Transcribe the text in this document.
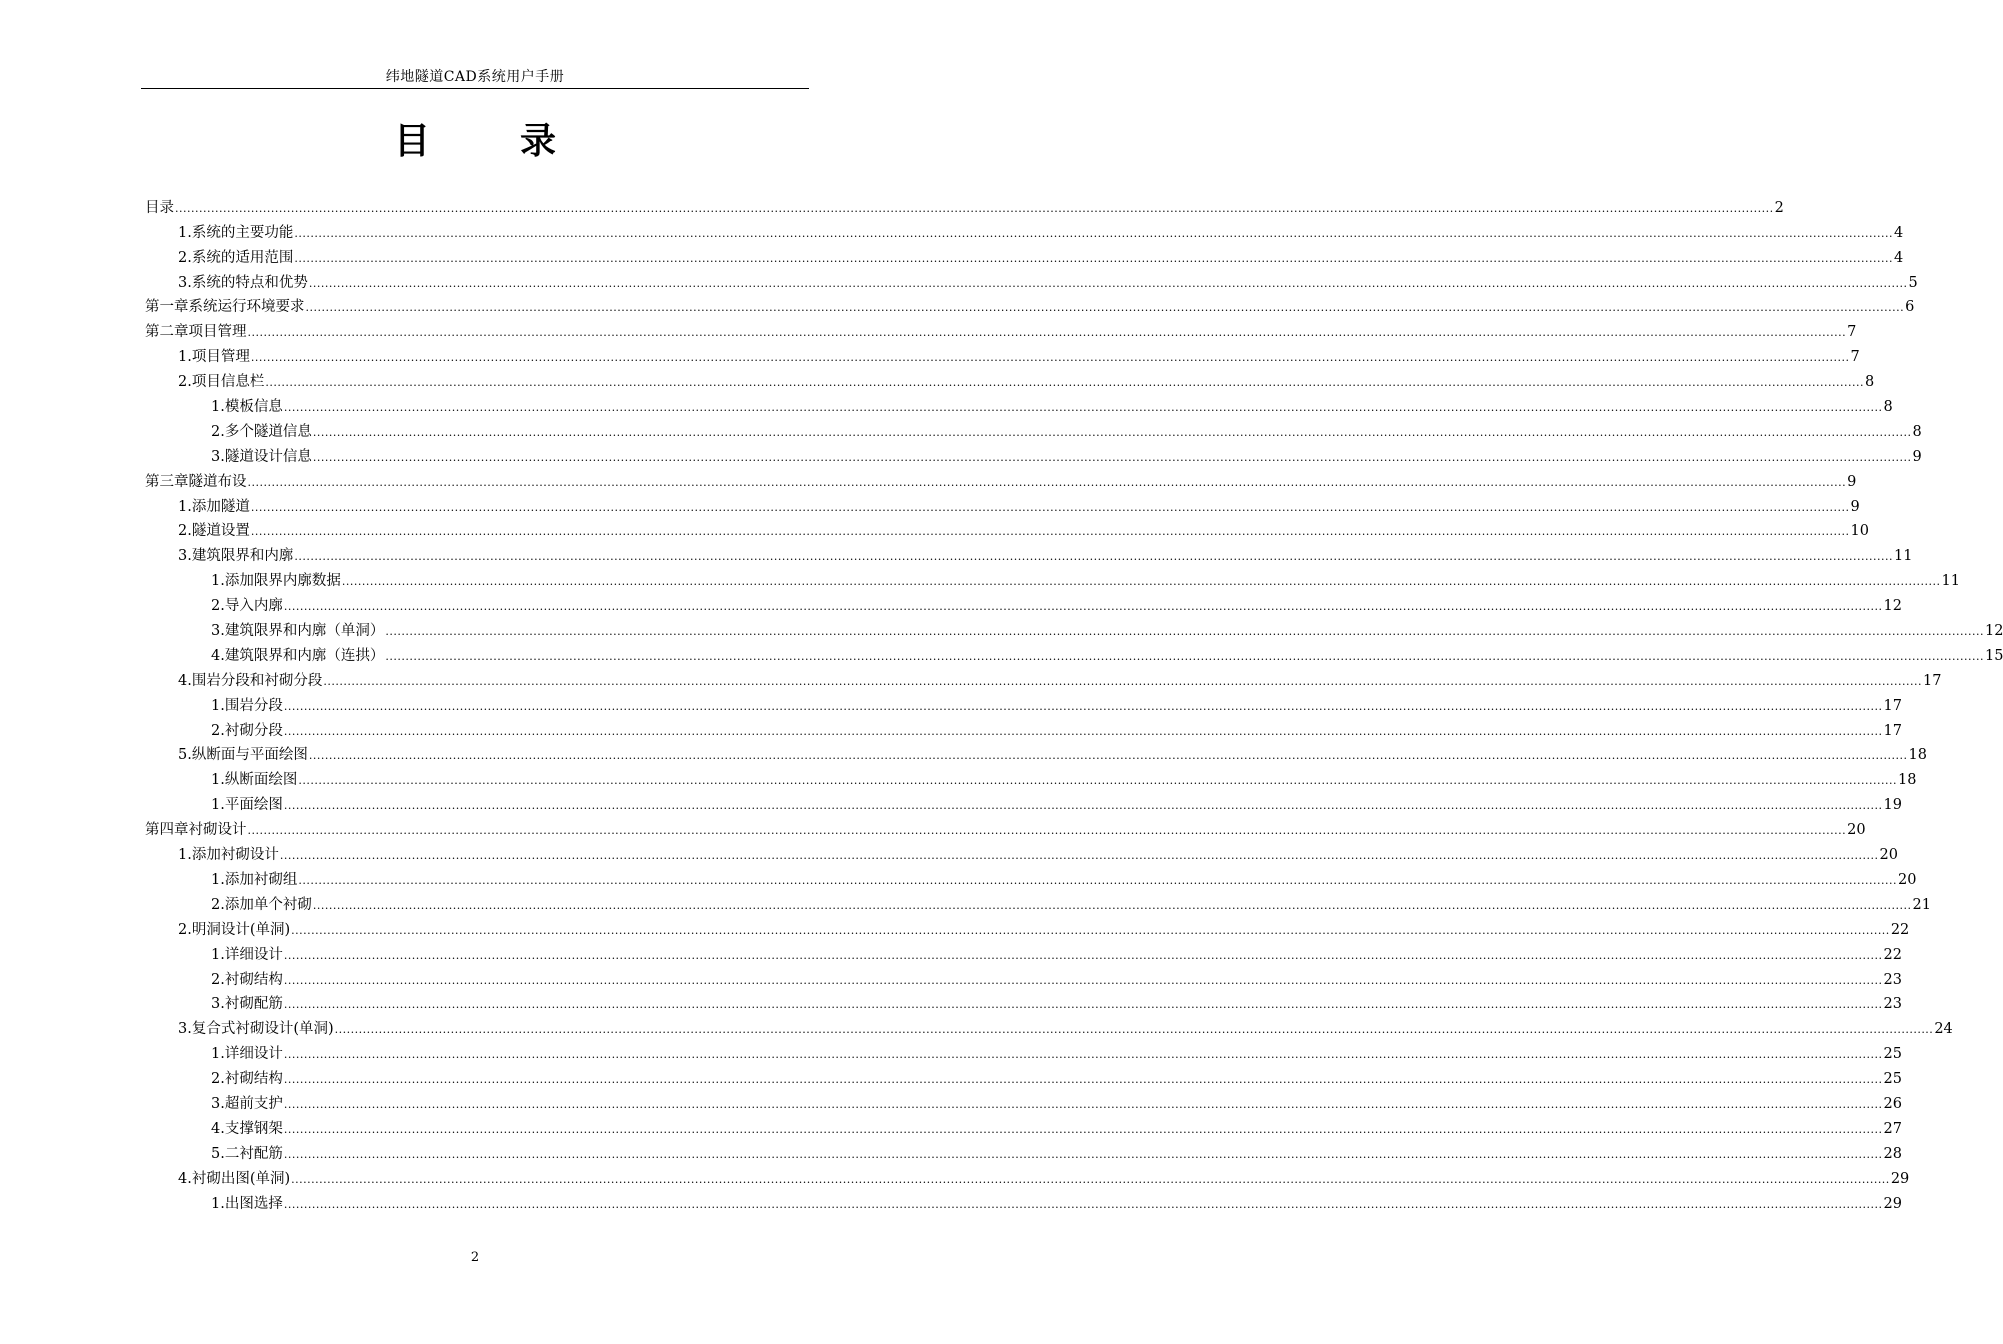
纬地隧道CAD系统用户手册
目	录
目 录 ................................................................................................................................................................................................................................................................................................................................................................................................................ 2
1. 系统的主要功能 ................................................................................................................................................................................................................................................................................................................................................................................................................ 4
2. 系统的适用范围 ................................................................................................................................................................................................................................................................................................................................................................................................................ 4
3. 系统的特点和优势 ................................................................................................................................................................................................................................................................................................................................................................................................................ 5
第一章 系统运行环境要求 ................................................................................................................................................................................................................................................................................................................................................................................................................ 6
第二章 项目管理 ................................................................................................................................................................................................................................................................................................................................................................................................................ 7
1. 项目管理 ................................................................................................................................................................................................................................................................................................................................................................................................................ 7
2. 项目信息栏 ................................................................................................................................................................................................................................................................................................................................................................................................................ 8
1. 模板信息 ................................................................................................................................................................................................................................................................................................................................................................................................................ 8
2. 多个隧道信息 ................................................................................................................................................................................................................................................................................................................................................................................................................ 8
3. 隧道设计信息 ................................................................................................................................................................................................................................................................................................................................................................................................................ 9
第三章 隧道布设 ................................................................................................................................................................................................................................................................................................................................................................................................................ 9
1. 添加隧道 ................................................................................................................................................................................................................................................................................................................................................................................................................ 9
2. 隧道设置 ................................................................................................................................................................................................................................................................................................................................................................................................................ 10
3. 建筑限界和内廓 ................................................................................................................................................................................................................................................................................................................................................................................................................ 11
1. 添加限界内廓数据 ................................................................................................................................................................................................................................................................................................................................................................................................................ 11
2. 导入内廓 ................................................................................................................................................................................................................................................................................................................................................................................................................ 12
3. 建筑限界和内廓（单洞） ................................................................................................................................................................................................................................................................................................................................................................................................................ 12
4. 建筑限界和内廓（连拱） ................................................................................................................................................................................................................................................................................................................................................................................................................ 15
4. 围岩分段和衬砌分段 ................................................................................................................................................................................................................................................................................................................................................................................................................ 17
1. 围岩分段 ................................................................................................................................................................................................................................................................................................................................................................................................................ 17
2. 衬砌分段 ................................................................................................................................................................................................................................................................................................................................................................................................................ 17
5. 纵断面与平面绘图 ................................................................................................................................................................................................................................................................................................................................................................................................................ 18
1. 纵断面绘图 ................................................................................................................................................................................................................................................................................................................................................................................................................ 18
1. 平面绘图 ................................................................................................................................................................................................................................................................................................................................................................................................................ 19
第四章 衬砌设计 ................................................................................................................................................................................................................................................................................................................................................................................................................ 20
1. 添加衬砌设计 ................................................................................................................................................................................................................................................................................................................................................................................................................ 20
1. 添加衬砌组 ................................................................................................................................................................................................................................................................................................................................................................................................................ 20
2. 添加单个衬砌 ................................................................................................................................................................................................................................................................................................................................................................................................................ 21
2. 明洞设计(单洞) ................................................................................................................................................................................................................................................................................................................................................................................................................ 22
1. 详细设计 ................................................................................................................................................................................................................................................................................................................................................................................................................ 22
2. 衬砌结构 ................................................................................................................................................................................................................................................................................................................................................................................................................ 23
3. 衬砌配筋 ................................................................................................................................................................................................................................................................................................................................................................................................................ 23
3. 复合式衬砌设计(单洞) ................................................................................................................................................................................................................................................................................................................................................................................................................ 24
1. 详细设计 ................................................................................................................................................................................................................................................................................................................................................................................................................ 25
2. 衬砌结构 ................................................................................................................................................................................................................................................................................................................................................................................................................ 25
3. 超前支护 ................................................................................................................................................................................................................................................................................................................................................................................................................ 26
4. 支撑钢架 ................................................................................................................................................................................................................................................................................................................................................................................................................ 27
5. 二衬配筋 ................................................................................................................................................................................................................................................................................................................................................................................................................ 28
4. 衬砌出图(单洞) ................................................................................................................................................................................................................................................................................................................................................................................................................ 29
1. 出图选择 ................................................................................................................................................................................................................................................................................................................................................................................................................ 29
2
